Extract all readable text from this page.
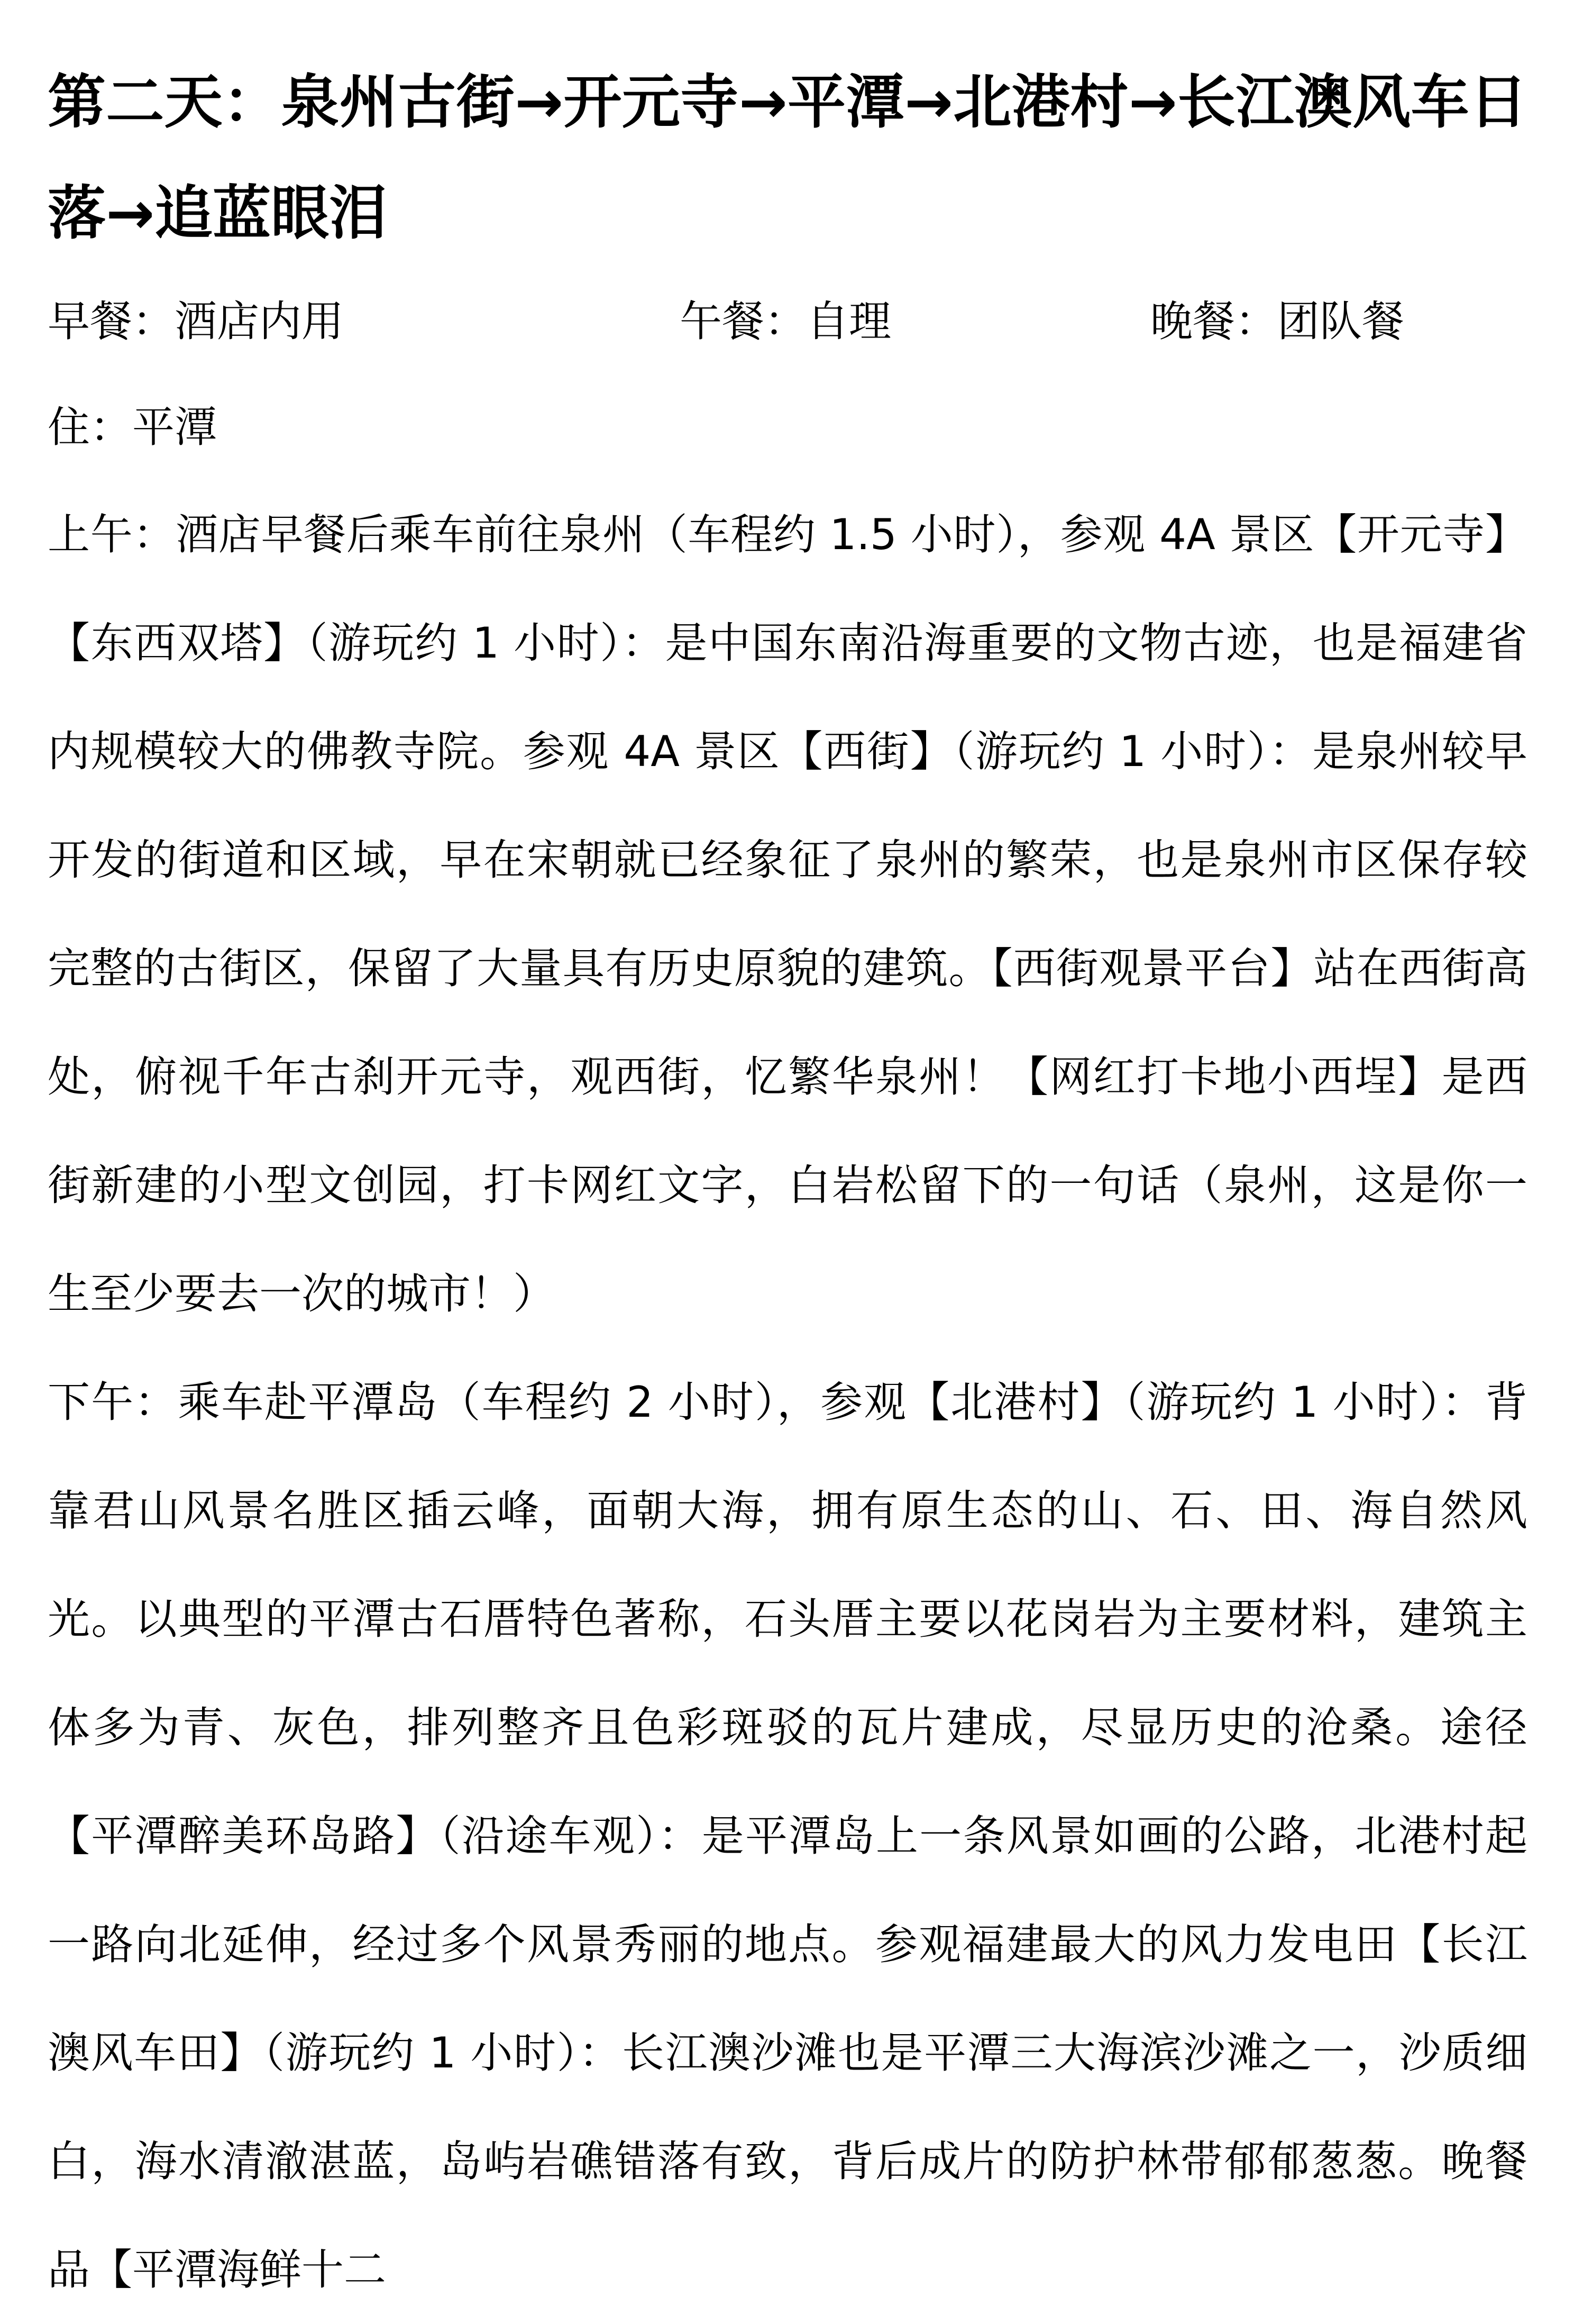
第二天：泉州古街→开元寺→平潭→北港村→长江澳风车日落→追蓝眼泪
早餐：酒店内用	午餐：自理	晚餐：团队餐
住：平潭

上午：酒店早餐后乘车前往泉州（车程约 1.5 小时），参观 4A 景区【开元寺】【东西双塔】（游玩约 1 小时）：是中国东南沿海重要的文物古迹，也是福建省内规模较大的佛教寺院。参观 4A 景区【西街】（游玩约 1 小时）：是泉州较早开发的街道和区域，早在宋朝就已经象征了泉州的繁荣，也是泉州市区保存较完整的古街区，保留了大量具有历史原貌的建筑。【西街观景平台】站在西街高处，俯视千年古刹开元寺，观西街，忆繁华泉州！【网红打卡地小西埕】是西街新建的小型文创园，打卡网红文字，白岩松留下的一句话（泉州，这是你一生至少要去一次的城市！）

下午：乘车赴平潭岛（车程约 2 小时），参观【北港村】（游玩约 1 小时）：背靠君山风景名胜区插云峰，面朝大海，拥有原生态的山、石、田、海自然风光。以典型的平潭古石厝特色著称，石头厝主要以花岗岩为主要材料，建筑主体多为青、灰色，排列整齐且色彩斑驳的瓦片建成，尽显历史的沧桑。途径【平潭醉美环岛路】（沿途车观）：是平潭岛上一条风景如画的公路，北港村起一路向北延伸，经过多个风景秀丽的地点。参观福建最大的风力发电田【长江澳风车田】（游玩约 1 小时）：长江澳沙滩也是平潭三大海滨沙滩之一，沙质细白，海水清澈湛蓝，岛屿岩礁错落有致，背后成片的防护林带郁郁葱葱。晚餐品【平潭海鲜十二
